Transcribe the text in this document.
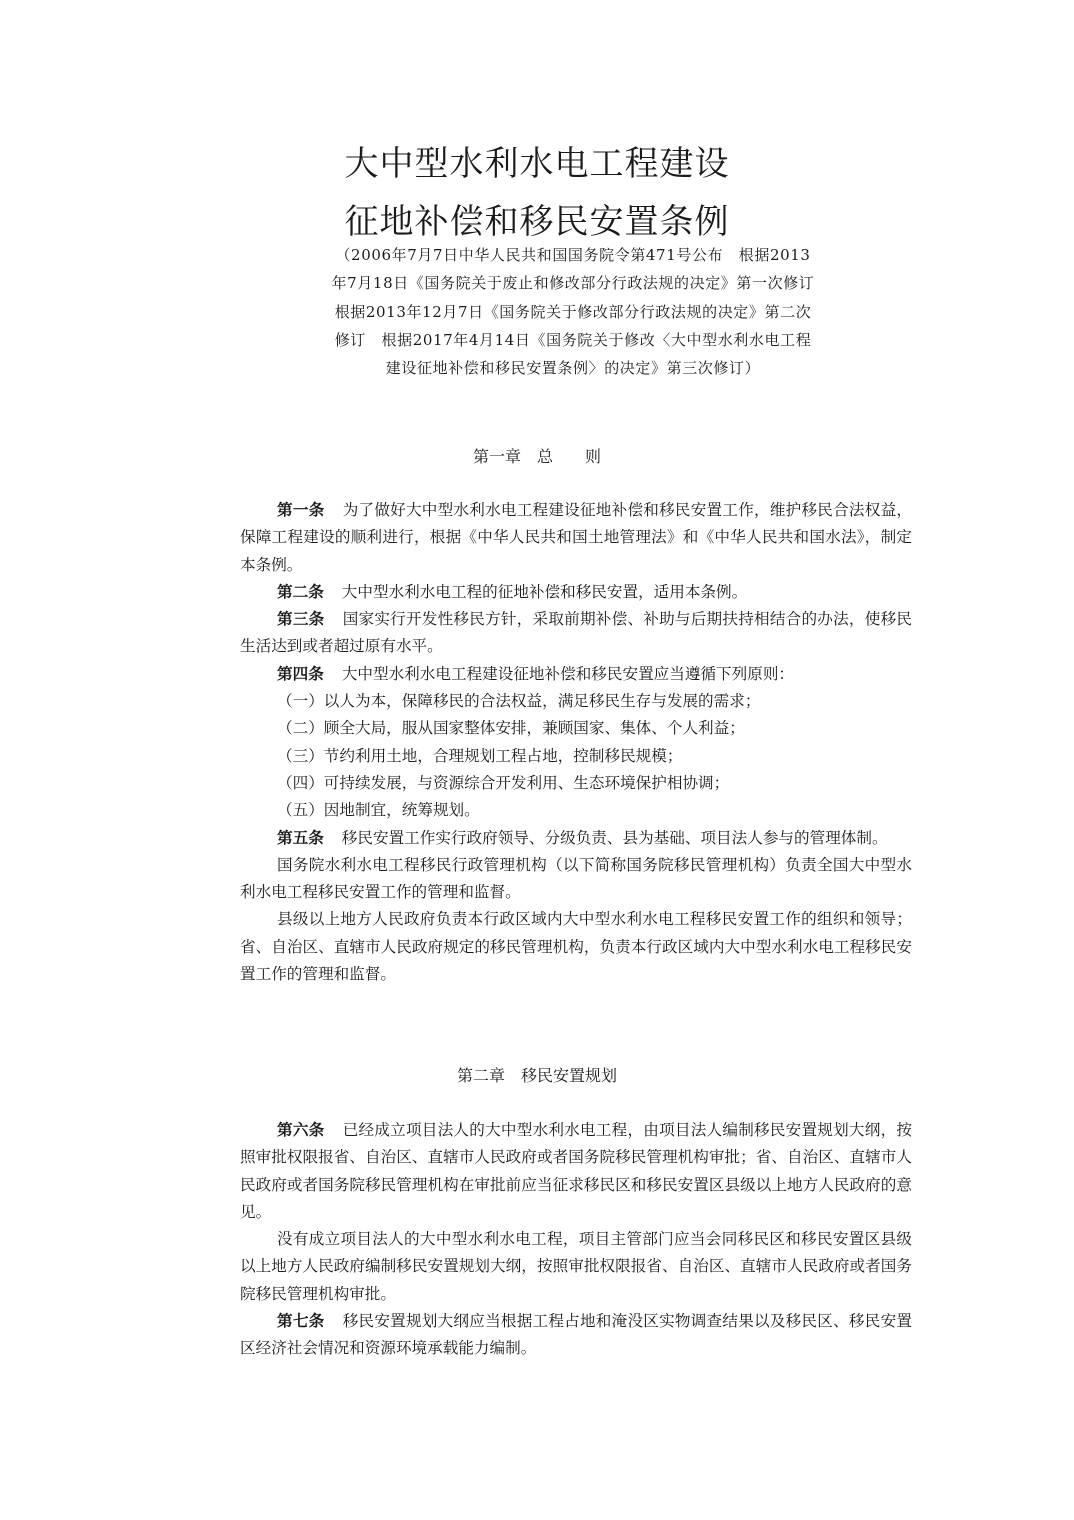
大中型水利水电工程建设
征地补偿和移民安置条例

（2006年7月7日中华人民共和国国务院令第471号公布　根据2013年7月18日《国务院关于废止和修改部分行政法规的决定》第一次修订　根据2013年12月7日《国务院关于修改部分行政法规的决定》第二次修订　根据2017年4月14日《国务院关于修改〈大中型水利水电工程建设征地补偿和移民安置条例〉的决定》第三次修订）

第一章　总　　则

第一条 为了做好大中型水利水电工程建设征地补偿和移民安置工作，维护移民合法权益，保障工程建设的顺利进行，根据《中华人民共和国土地管理法》和《中华人民共和国水法》，制定本条例。

第二条 大中型水利水电工程的征地补偿和移民安置，适用本条例。

第三条 国家实行开发性移民方针，采取前期补偿、补助与后期扶持相结合的办法，使移民生活达到或者超过原有水平。

第四条 大中型水利水电工程建设征地补偿和移民安置应当遵循下列原则：

（一）以人为本，保障移民的合法权益，满足移民生存与发展的需求；

（二）顾全大局，服从国家整体安排，兼顾国家、集体、个人利益；

（三）节约利用土地，合理规划工程占地，控制移民规模；

（四）可持续发展，与资源综合开发利用、生态环境保护相协调；

（五）因地制宜，统筹规划。

第五条 移民安置工作实行政府领导、分级负责、县为基础、项目法人参与的管理体制。

国务院水利水电工程移民行政管理机构（以下简称国务院移民管理机构）负责全国大中型水利水电工程移民安置工作的管理和监督。

县级以上地方人民政府负责本行政区域内大中型水利水电工程移民安置工作的组织和领导；省、自治区、直辖市人民政府规定的移民管理机构，负责本行政区域内大中型水利水电工程移民安置工作的管理和监督。

第二章　移民安置规划

第六条 已经成立项目法人的大中型水利水电工程，由项目法人编制移民安置规划大纲，按照审批权限报省、自治区、直辖市人民政府或者国务院移民管理机构审批；省、自治区、直辖市人民政府或者国务院移民管理机构在审批前应当征求移民区和移民安置区县级以上地方人民政府的意见。

没有成立项目法人的大中型水利水电工程，项目主管部门应当会同移民区和移民安置区县级以上地方人民政府编制移民安置规划大纲，按照审批权限报省、自治区、直辖市人民政府或者国务院移民管理机构审批。

第七条 移民安置规划大纲应当根据工程占地和淹没区实物调查结果以及移民区、移民安置区经济社会情况和资源环境承载能力编制。
